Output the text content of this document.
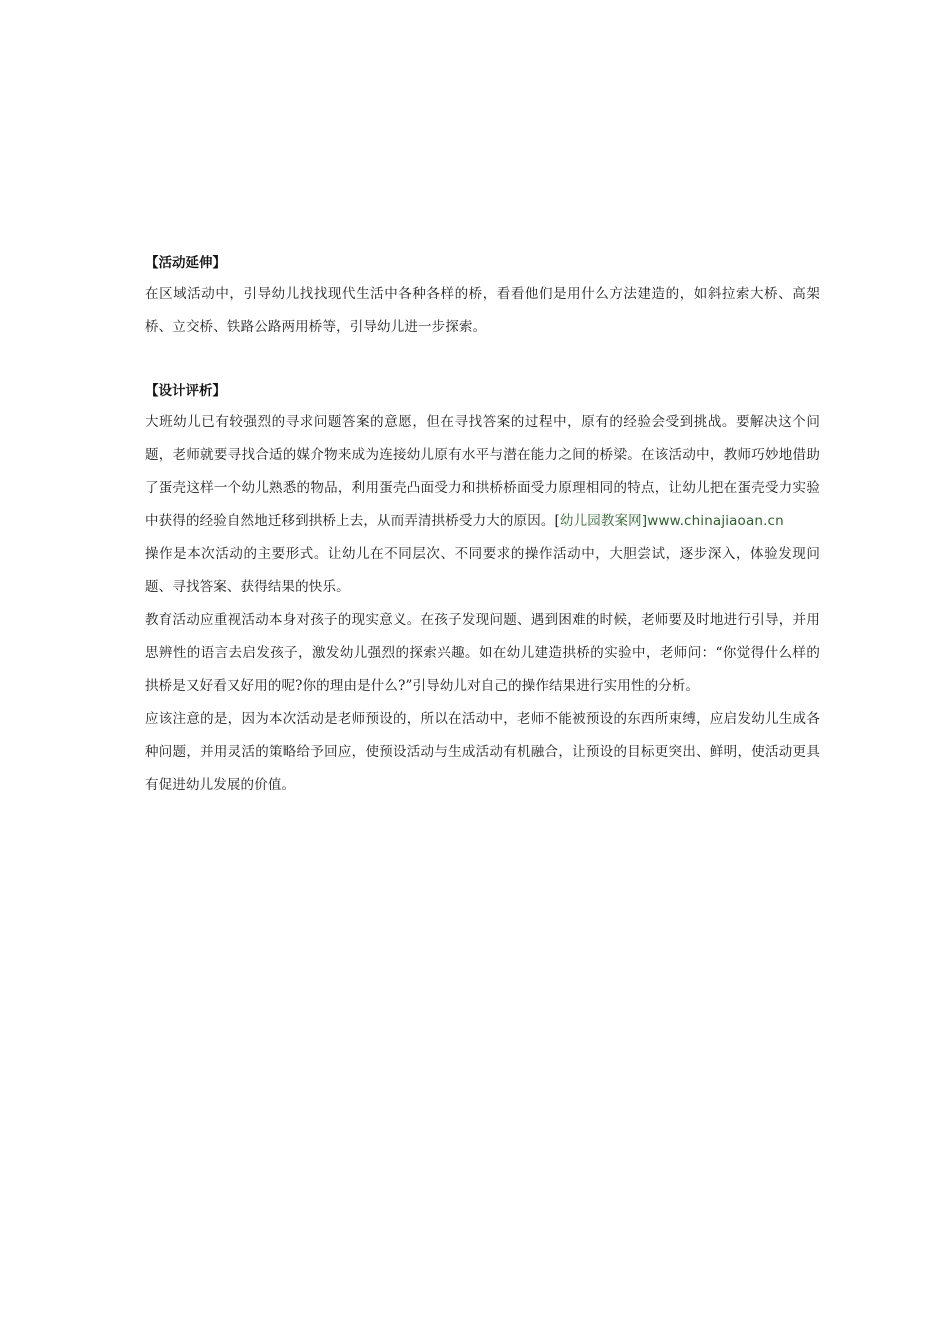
【活动延伸】

在区域活动中，引导幼儿找找现代生活中各种各样的桥，看看他们是用什么方法建造的，如斜拉索大桥、高架桥、立交桥、铁路公路两用桥等，引导幼儿进一步探索。

【设计评析】

大班幼儿已有较强烈的寻求问题答案的意愿，但在寻找答案的过程中，原有的经验会受到挑战。要解决这个问题，老师就要寻找合适的媒介物来成为连接幼儿原有水平与潜在能力之间的桥梁。在该活动中，教师巧妙地借助了蛋壳这样一个幼儿熟悉的物品，利用蛋壳凸面受力和拱桥桥面受力原理相同的特点，让幼儿把在蛋壳受力实验中获得的经验自然地迁移到拱桥上去，从而弄清拱桥受力大的原因。[幼儿园教案网]www.chinajiaoan.cn

操作是本次活动的主要形式。让幼儿在不同层次、不同要求的操作活动中，大胆尝试，逐步深入，体验发现问题、寻找答案、获得结果的快乐。

教育活动应重视活动本身对孩子的现实意义。在孩子发现问题、遇到困难的时候，老师要及时地进行引导，并用思辨性的语言去启发孩子，激发幼儿强烈的探索兴趣。如在幼儿建造拱桥的实验中，老师问：“你觉得什么样的拱桥是又好看又好用的呢?你的理由是什么?”引导幼儿对自己的操作结果进行实用性的分析。

应该注意的是，因为本次活动是老师预设的，所以在活动中，老师不能被预设的东西所束缚，应启发幼儿生成各种问题，并用灵活的策略给予回应，使预设活动与生成活动有机融合，让预设的目标更突出、鲜明，使活动更具有促进幼儿发展的价值。
